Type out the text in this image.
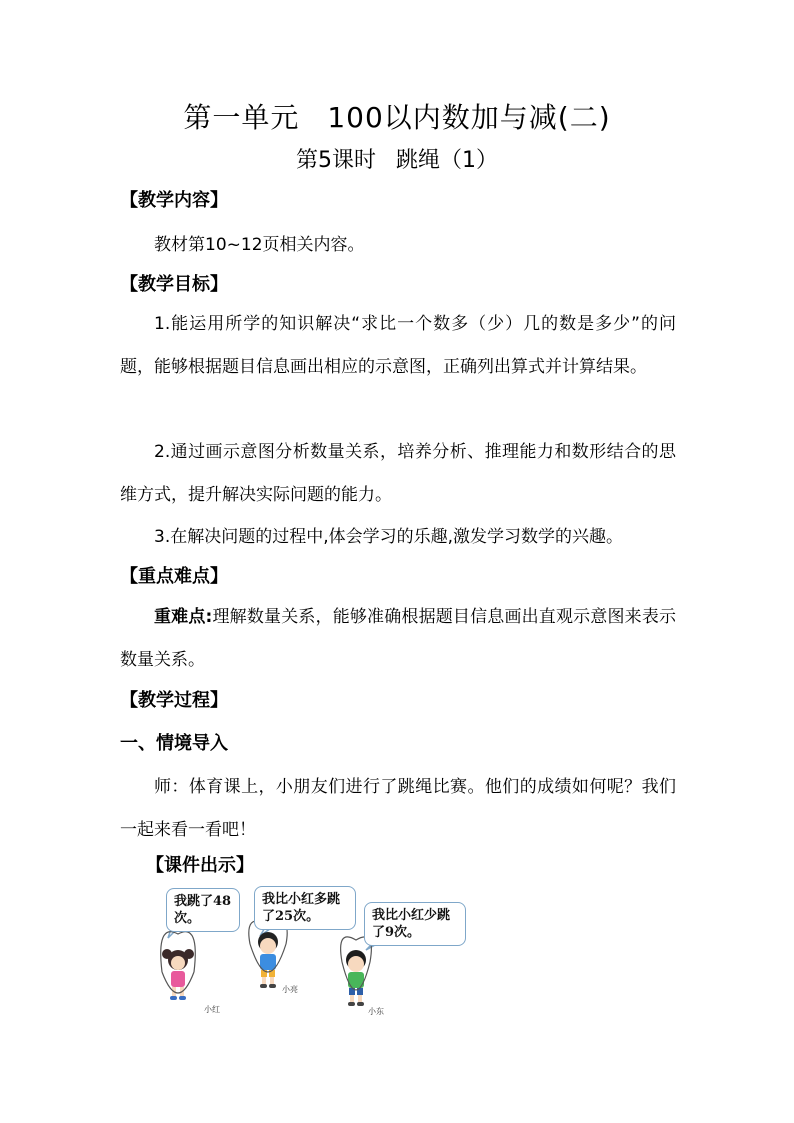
第一单元 100以内数加与减(二)
第5课时 跳绳（1）
【教学内容】
教材第10~12页相关内容。
【教学目标】
1.能运用所学的知识解决“求比一个数多（少）几的数是多少”的问题，能够根据题目信息画出相应的示意图，正确列出算式并计算结果。
2.通过画示意图分析数量关系，培养分析、推理能力和数形结合的思维方式，提升解决实际问题的能力。
3.在解决问题的过程中,体会学习的乐趣,激发学习数学的兴趣。
【重点难点】
重难点:理解数量关系，能够准确根据题目信息画出直观示意图来表示数量关系。
【教学过程】
一、情境导入
师：体育课上，小朋友们进行了跳绳比赛。他们的成绩如何呢？我们一起来看一看吧！
【课件出示】
我跳了48次。
我比小红多跳了25次。	我比小红少跳了9次。
小红
小亮
小东
